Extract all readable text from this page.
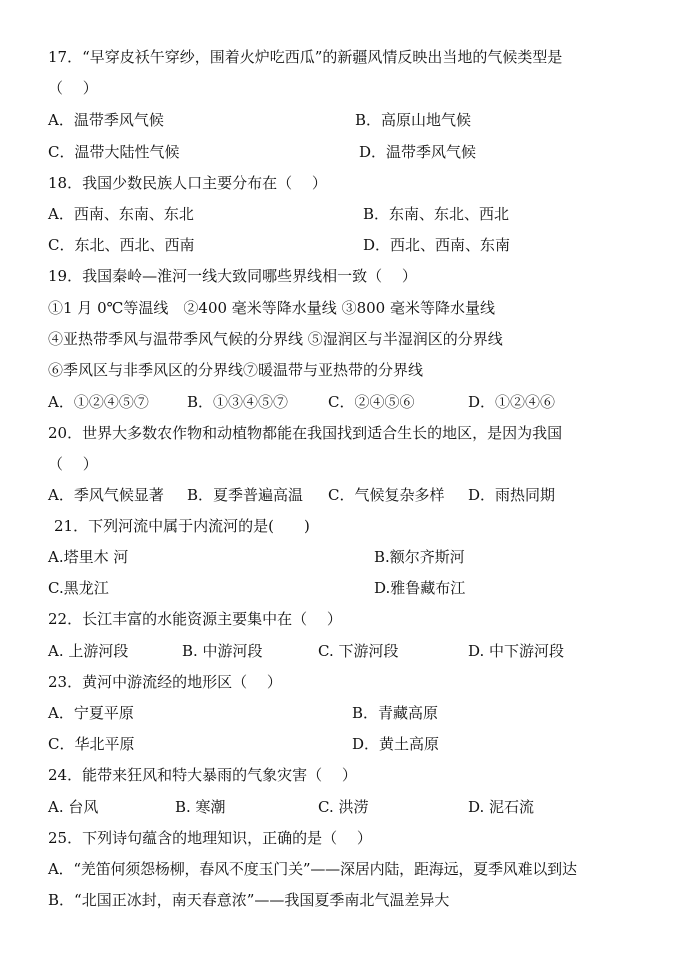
17．“早穿皮袄午穿纱，围着火炉吃西瓜”的新疆风情反映出当地的气候类型是
（　 ）
A．温带季风气候	B．高原山地气候
C．温带大陆性气候	D．温带季风气候
18．我国少数民族人口主要分布在（　 ）
A．西南、东南、东北	B．东南、东北、西北
C．东北、西北、西南	D．西北、西南、东南
19．我国秦岭—淮河一线大致同哪些界线相一致（　 ）
①1 月 0℃等温线　②400 毫米等降水量线 ③800 毫米等降水量线
④亚热带季风与温带季风气候的分界线 ⑤湿润区与半湿润区的分界线
⑥季风区与非季风区的分界线⑦暖温带与亚热带的分界线
A．①②④⑤⑦	B．①③④⑤⑦	C．②④⑤⑥	D．①②④⑥
20．世界大多数农作物和动植物都能在我国找到适合生长的地区，是因为我国
（　 ）
A．季风气候显著 B．夏季普遍高温 C．气候复杂多样 D．雨热同期
21．下列河流中属于内流河的是(　　)
A.塔里木 河	B.额尔齐斯河
C.黑龙江	D.雅鲁藏布江
22．长江丰富的水能资源主要集中在（　 ）
A. 上游河段	B. 中游河段	C. 下游河段	D. 中下游河段
23．黄河中游流经的地形区（　 ）
A．宁夏平原	B．青藏高原
C．华北平原	D．黄土高原
24．能带来狂风和特大暴雨的气象灾害（　 ）
A. 台风	B. 寒潮	C. 洪涝	D. 泥石流
25．下列诗句蕴含的地理知识，正确的是（　 ）
A．“羌笛何须怨杨柳，春风不度玉门关”——深居内陆，距海远，夏季风难以到达
B．“北国正冰封，南天春意浓”——我国夏季南北气温差异大
